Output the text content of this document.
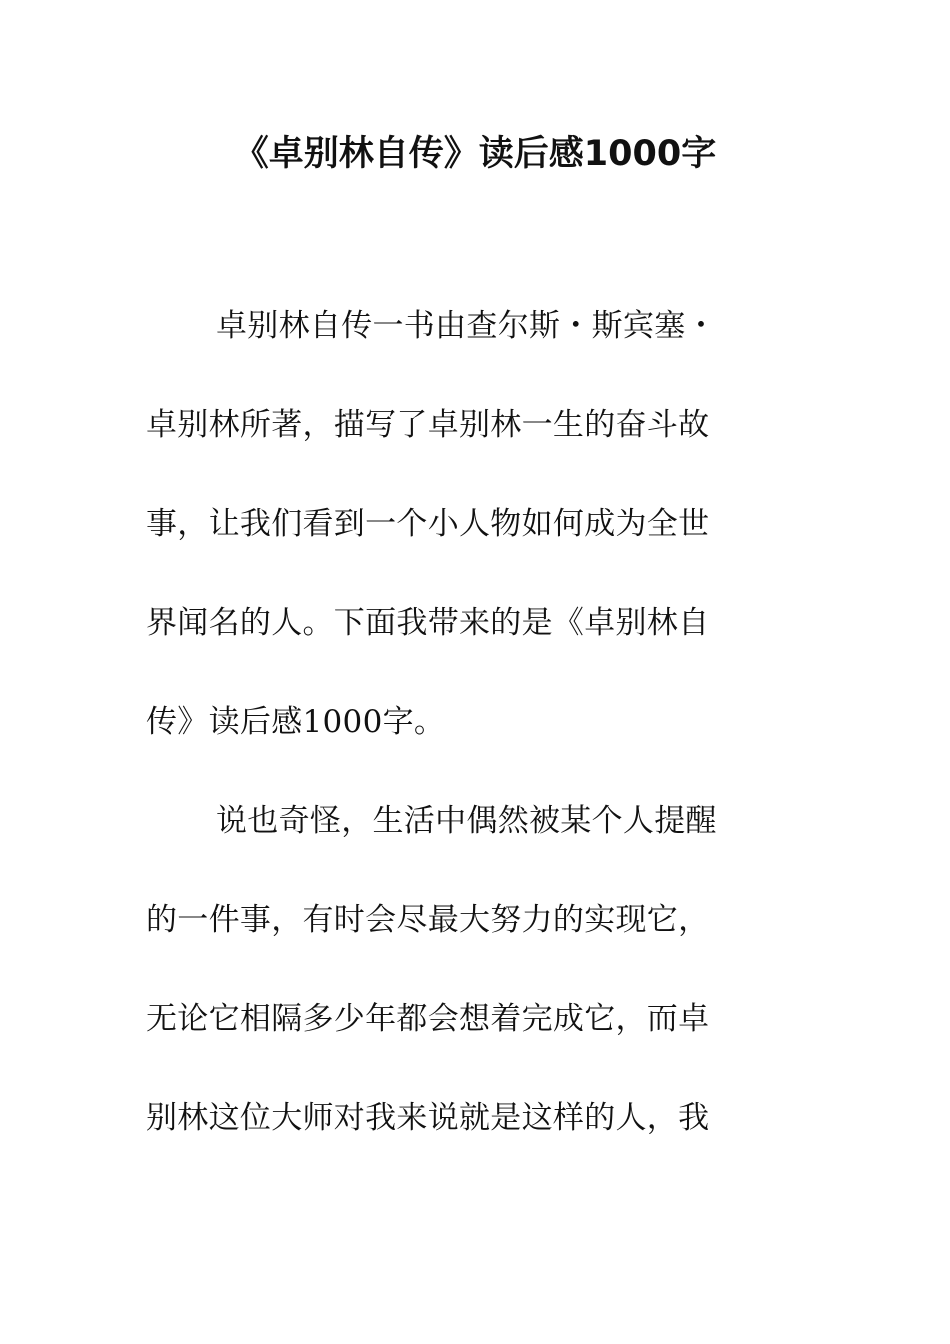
《卓别林自传》读后感1000字
卓别林自传一书由查尔斯・斯宾塞・
卓别林所著，描写了卓别林一生的奋斗故
事，让我们看到一个小人物如何成为全世
界闻名的人。下面我带来的是《卓别林自
传》读后感1000字。
说也奇怪，生活中偶然被某个人提醒
的一件事，有时会尽最大努力的实现它，
无论它相隔多少年都会想着完成它，而卓
别林这位大师对我来说就是这样的人，我
